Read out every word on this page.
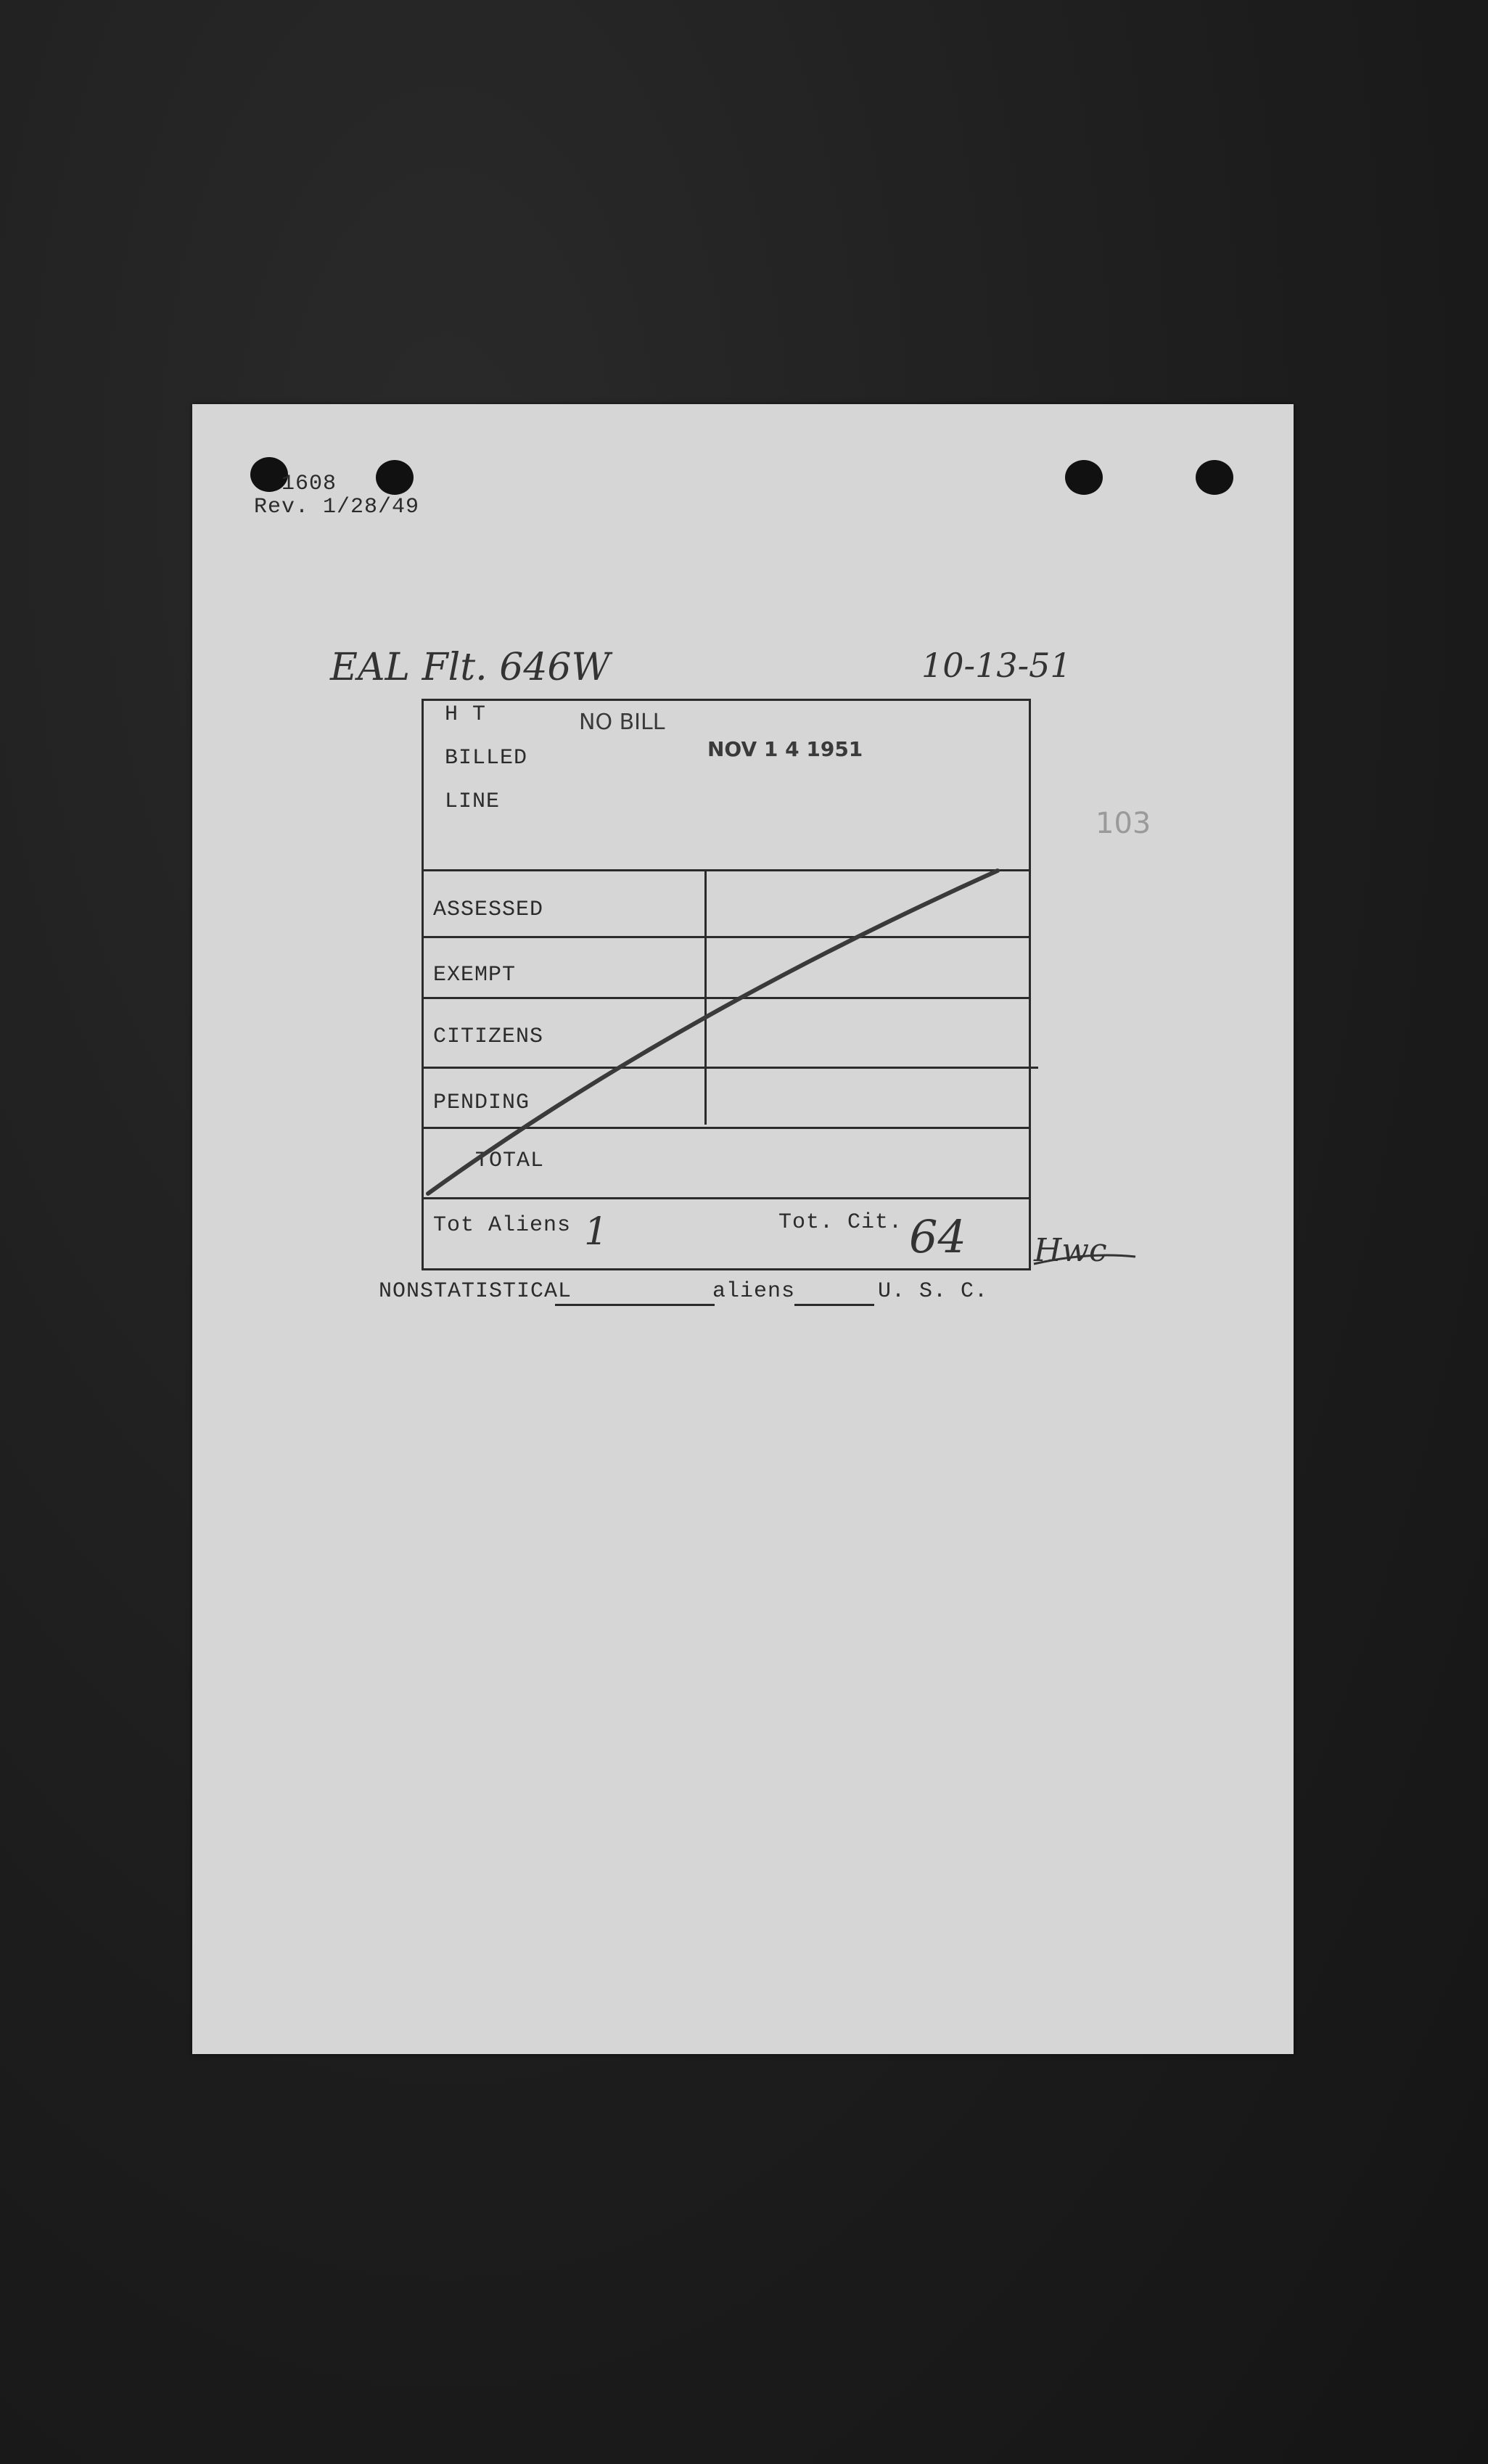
1608
Rev. 1/28/49
EAL Flt. 646W	10-13-51
103
H T
BILLED
LINE
NO BILL
NOV 1 4 1951
ASSESSED
EXEMPT
CITIZENS
PENDING
TOTAL
Tot Aliens 1	Tot. Cit. 64 Hwc
NONSTATISTICAL	aliens	U. S. C.
